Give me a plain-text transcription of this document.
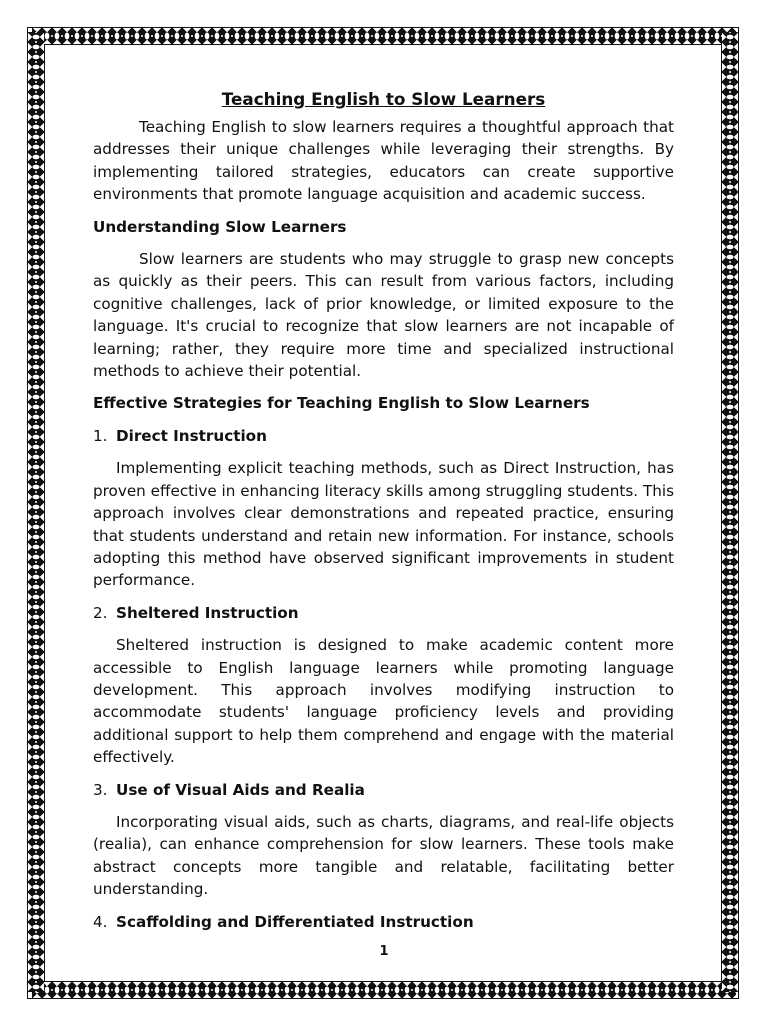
Teaching English to Slow Learners

Teaching English to slow learners requires a thoughtful approach that addresses their unique challenges while leveraging their strengths. By implementing tailored strategies, educators can create supportive environments that promote language acquisition and academic success.

Understanding Slow Learners

Slow learners are students who may struggle to grasp new concepts as quickly as their peers. This can result from various factors, including cognitive challenges, lack of prior knowledge, or limited exposure to the language. It's crucial to recognize that slow learners are not incapable of learning; rather, they require more time and specialized instructional methods to achieve their potential.

Effective Strategies for Teaching English to Slow Learners
1. Direct Instruction

Implementing explicit teaching methods, such as Direct Instruction, has proven effective in enhancing literacy skills among struggling students. This approach involves clear demonstrations and repeated practice, ensuring that students understand and retain new information. For instance, schools adopting this method have observed significant improvements in student performance.

2. Sheltered Instruction

Sheltered instruction is designed to make academic content more accessible to English language learners while promoting language development. This approach involves modifying instruction to accommodate students' language proficiency levels and providing additional support to help them comprehend and engage with the material effectively.

3. Use of Visual Aids and Realia

Incorporating visual aids, such as charts, diagrams, and real-life objects (realia), can enhance comprehension for slow learners. These tools make abstract concepts more tangible and relatable, facilitating better understanding.

4. Scaffolding and Differentiated Instruction
1
